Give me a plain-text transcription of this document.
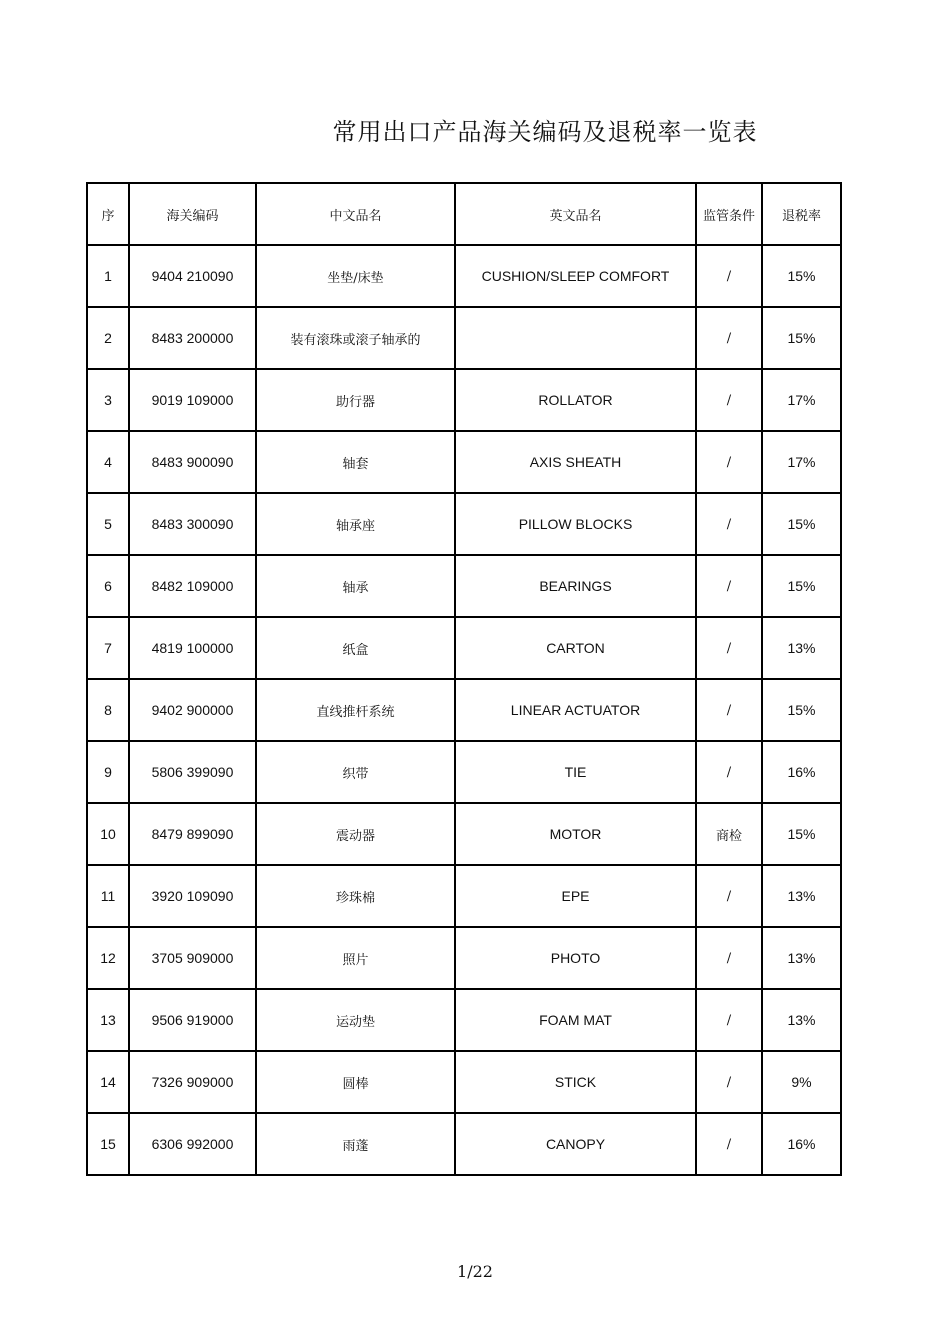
常用出口产品海关编码及退税率一览表
序	海关编码	中文品名	英文品名	监管条件	退税率
1	9404 210090	坐垫/床垫	CUSHION/SLEEP COMFORT	/	15%
2	8483 200000	装有滚珠或滚子轴承的		/	15%
3	9019 109000	助行器	ROLLATOR	/	17%
4	8483 900090	轴套	AXIS SHEATH	/	17%
5	8483 300090	轴承座	PILLOW BLOCKS	/	15%
6	8482 109000	轴承	BEARINGS	/	15%
7	4819 100000	纸盒	CARTON	/	13%
8	9402 900000	直线推杆系统	LINEAR ACTUATOR	/	15%
9	5806 399090	织带	TIE	/	16%
10	8479 899090	震动器	MOTOR	商检	15%
11	3920 109090	珍珠棉	EPE	/	13%
12	3705 909000	照片	PHOTO	/	13%
13	9506 919000	运动垫	FOAM MAT	/	13%
14	7326 909000	圆棒	STICK	/	9%
15	6306 992000	雨蓬	CANOPY	/	16%
1/22
